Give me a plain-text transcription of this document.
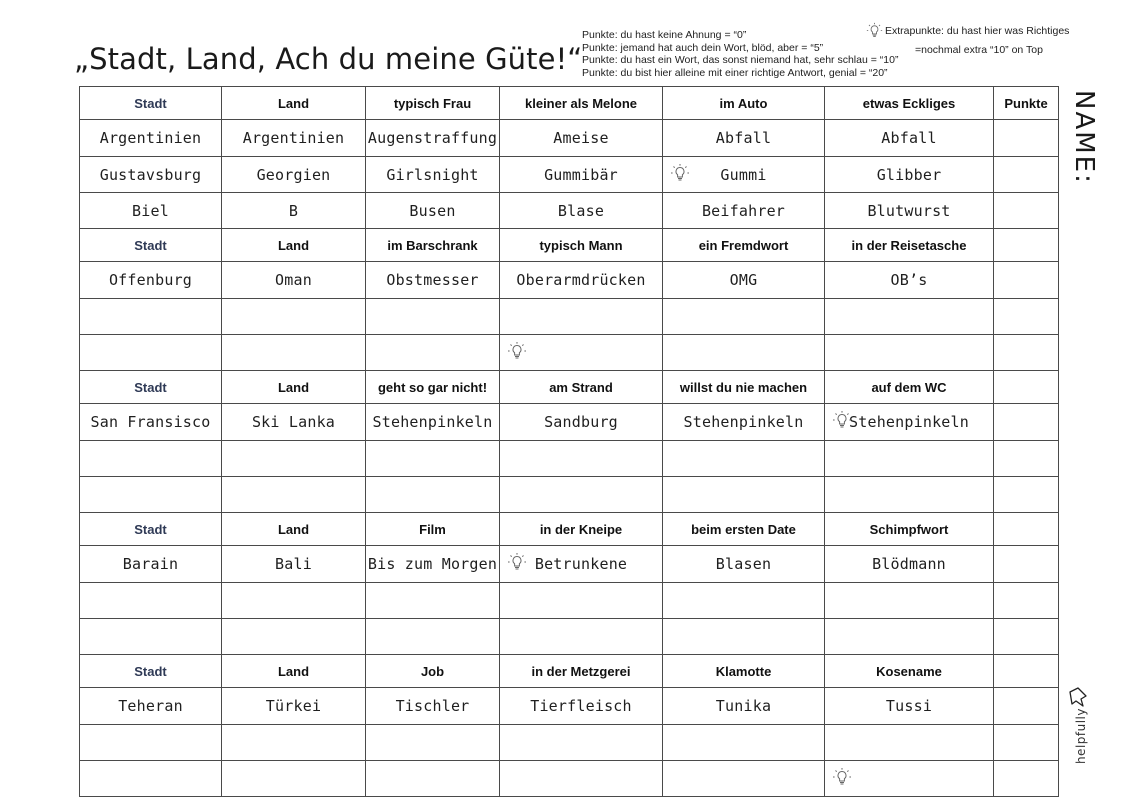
„Stadt, Land, Ach du meine Güte!“
Punkte: du hast keine Ahnung = “0”
Punkte: jemand hat auch dein Wort, blöd, aber = “5”
Punkte: du hast ein Wort, das sonst niemand hat, sehr schlau = “10”
Punkte: du bist hier alleine mit einer richtige Antwort, genial = “20”
Extrapunkte: du hast hier was Richtiges
=nochmal extra “10” on Top
NAME:
helpfully
Stadt	Land	typisch Frau	kleiner als Melone	im Auto	etwas Eckliges	Punkte
Argentinien	Argentinien	Augenstraffung	Ameise	Abfall	Abfall	
Gustavsburg	Georgien	Girlsnight	Gummibär	Gummi	Glibber	
Biel	B	Busen	Blase	Beifahrer	Blutwurst	
Stadt	Land	im Barschrank	typisch Mann	ein Fremdwort	in der Reisetasche	
Offenburg	Oman	Obstmesser	Oberarmdrücken	OMG	OB’s	

Stadt	Land	geht so gar nicht!	am Strand	willst du nie machen	auf dem WC	
San Fransisco	Ski Lanka	Stehenpinkeln	Sandburg	Stehenpinkeln	Stehenpinkeln	

Stadt	Land	Film	in der Kneipe	beim ersten Date	Schimpfwort	
Barain	Bali	Bis zum Morgen	Betrunkene	Blasen	Blödmann	

Stadt	Land	Job	in der Metzgerei	Klamotte	Kosename	
Teheran	Türkei	Tischler	Tierfleisch	Tunika	Tussi	
